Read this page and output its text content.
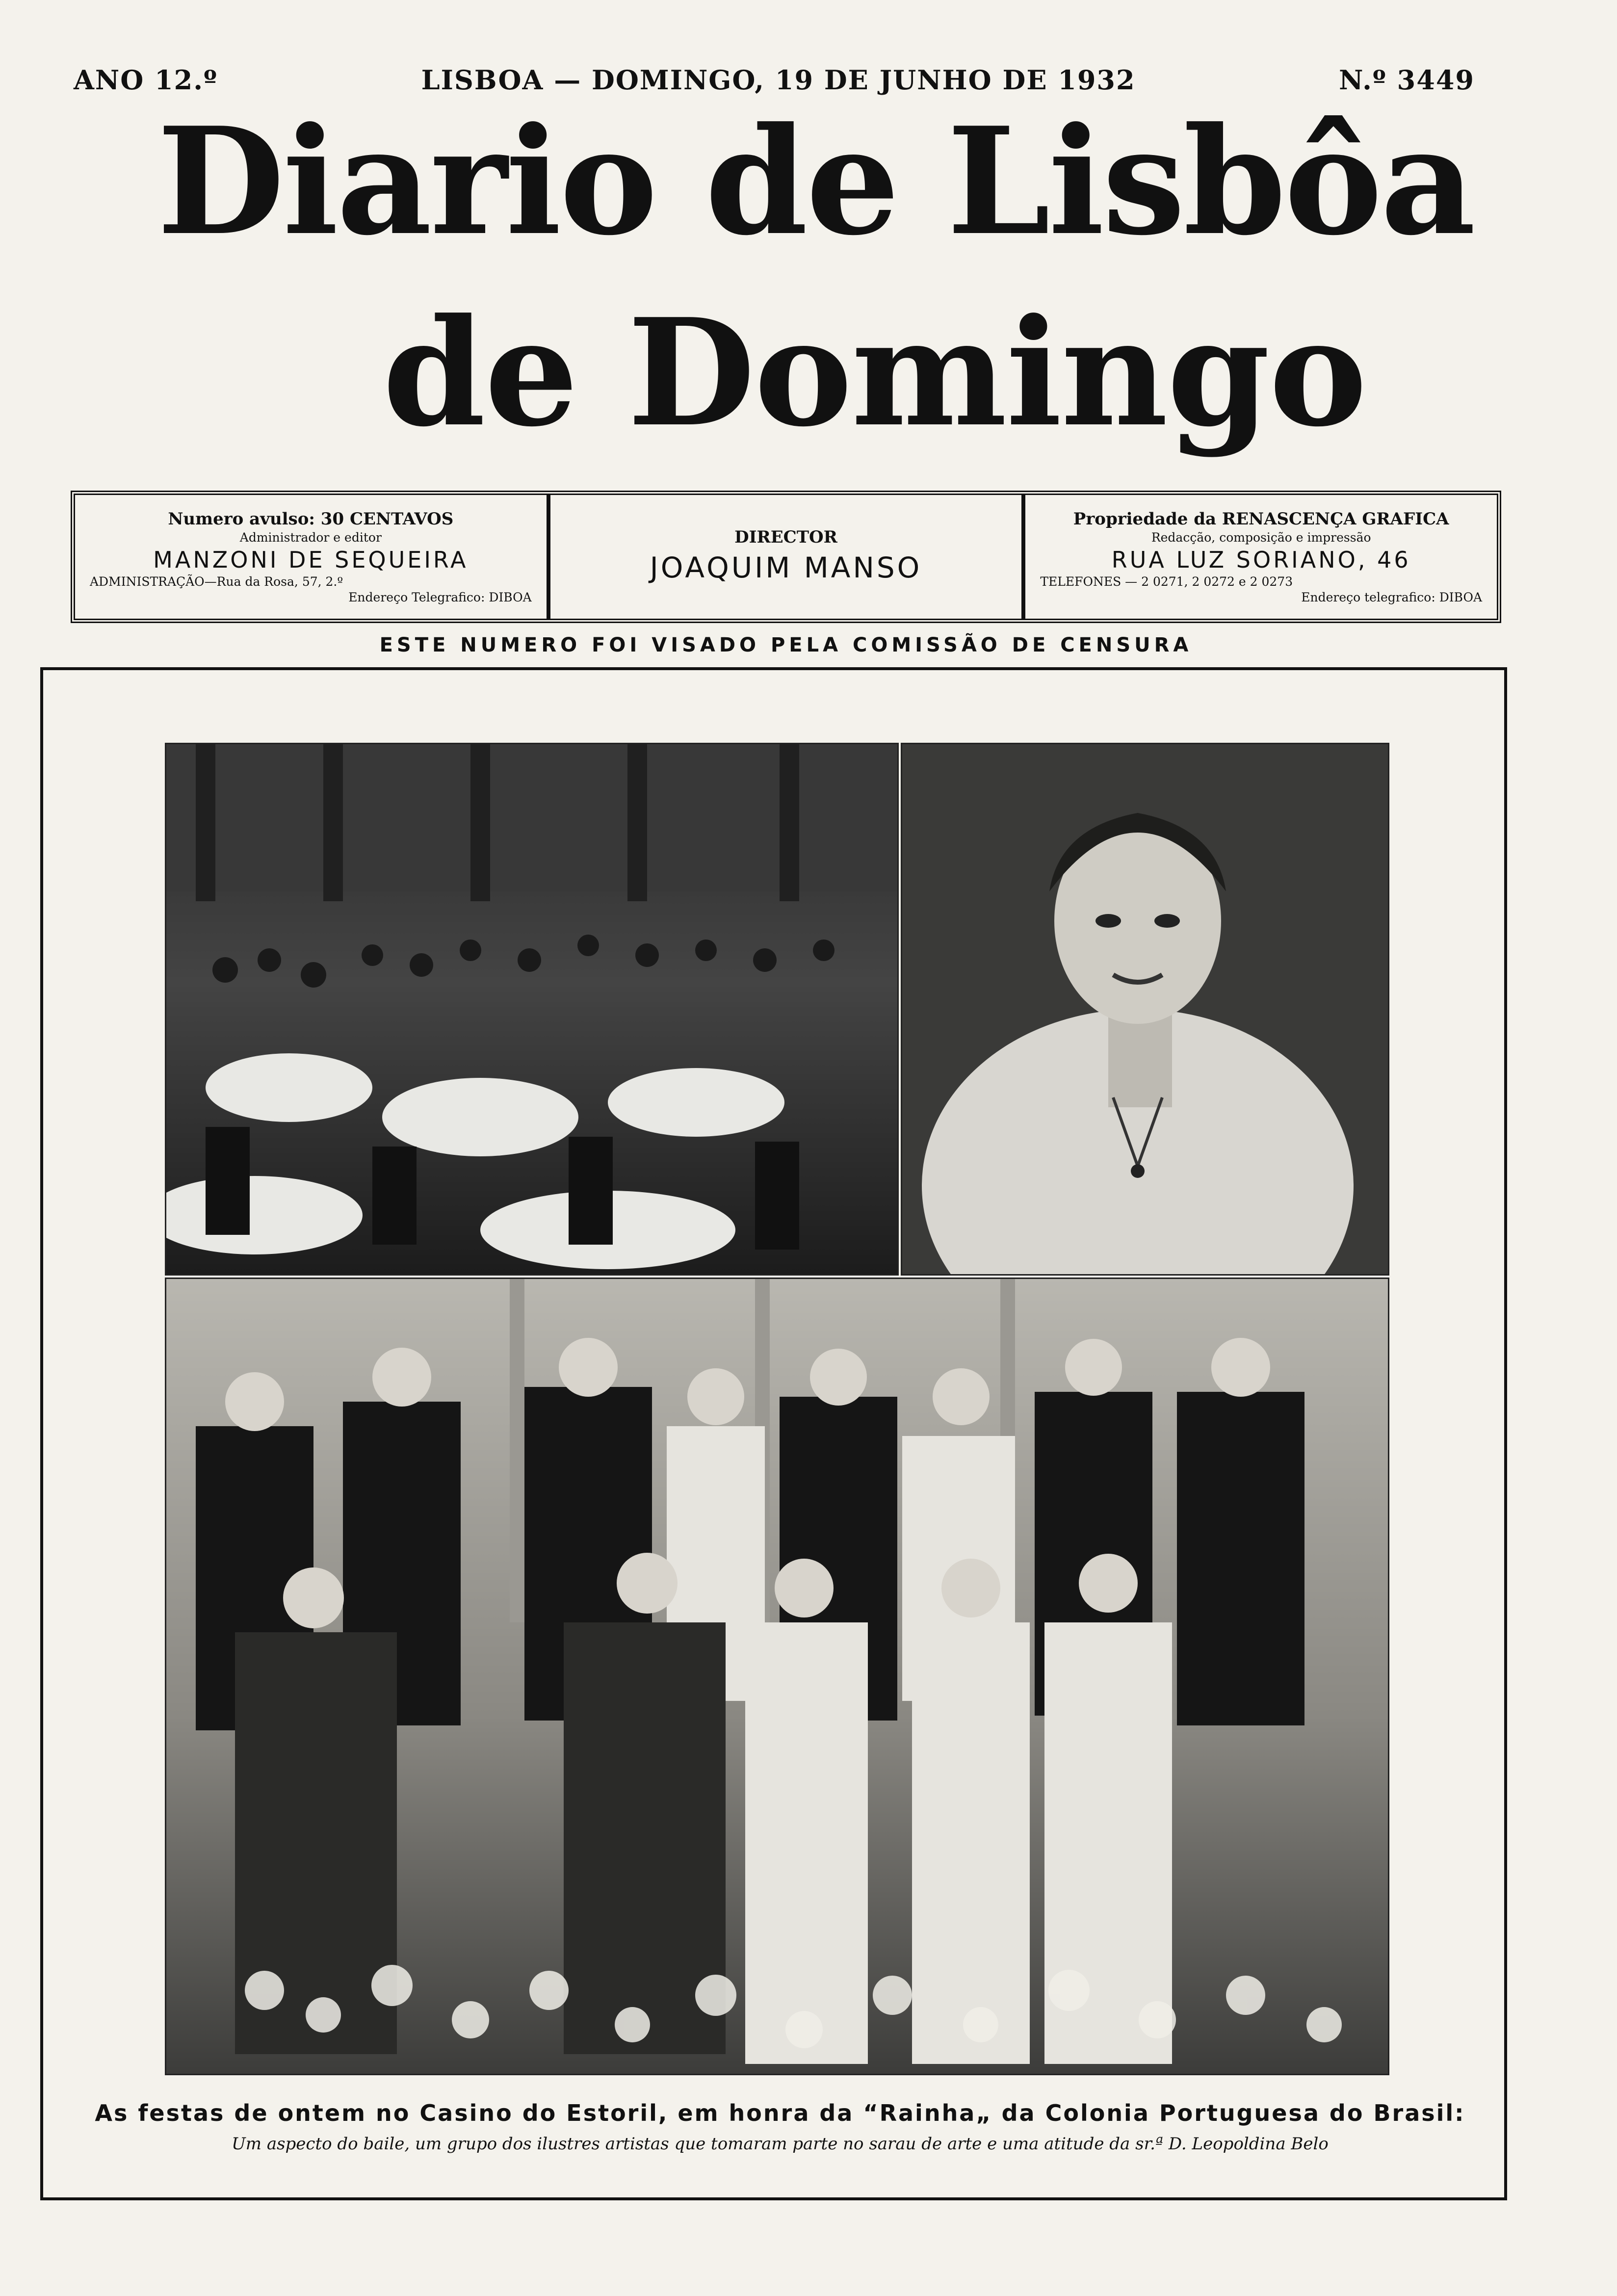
ANO 12.º	LISBOA — DOMINGO, 19 DE JUNHO DE 1932	N.º 3449
Diario de Lisbôa
de Domingo
Numero avulso: 30 CENTAVOS
Administrador e editor
MANZONI DE SEQUEIRA
ADMINISTRAÇÃO—Rua da Rosa, 57, 2.º
Endereço Telegrafico: DIBOA
DIRECTOR
JOAQUIM MANSO
Propriedade da RENASCENÇA GRAFICA
Redacção, composição e impressão
RUA LUZ SORIANO, 46
TELEFONES — 2 0271, 2 0272 e 2 0273
Endereço telegrafico: DIBOA
ESTE NUMERO FOI VISADO PELA COMISSÃO DE CENSURA
As festas de ontem no Casino do Estoril, em honra da “Rainha„ da Colonia Portuguesa do Brasil:
Um aspecto do baile, um grupo dos ilustres artistas que tomaram parte no sarau de arte e uma atitude da sr.ª D. Leopoldina Belo
